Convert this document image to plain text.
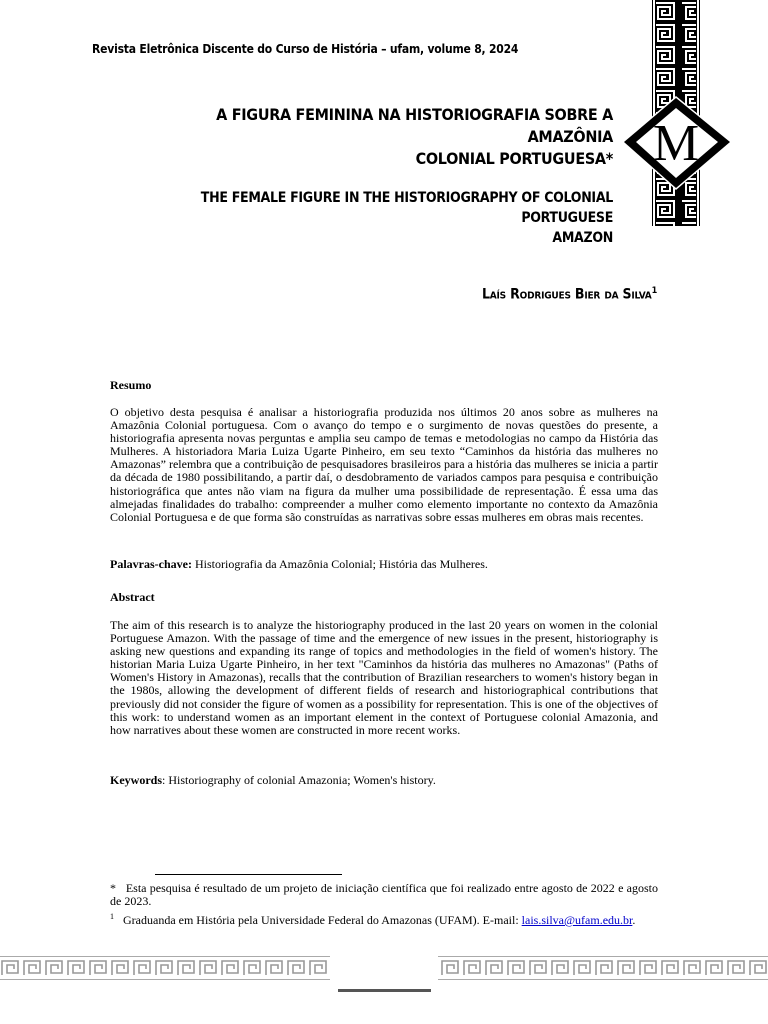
Revista Eletrônica Discente do Curso de História – ufam, volume 8, 2024
M
A FIGURA FEMININA NA HISTORIOGRAFIA SOBRE A AMAZÔNIA
COLONIAL PORTUGUESA*
THE FEMALE FIGURE IN THE HISTORIOGRAPHY OF COLONIAL PORTUGUESE
AMAZON
Laís Rodrigues Bier da Silva$^1$
Resumo
O objetivo desta pesquisa é analisar a historiografia produzida nos últimos 20 anos sobre as mulheres na Amazônia Colonial portuguesa. Com o avanço do tempo e o surgimento de novas questões do presente, a historiografia apresenta novas perguntas e amplia seu campo de temas e metodologias no campo da História das Mulheres. A historiadora Maria Luiza Ugarte Pinheiro, em seu texto “Caminhos da história das mulheres no Amazonas” relembra que a contribuição de pesquisadores brasileiros para a história das mulheres se inicia a partir da década de 1980 possibilitando, a partir daí, o desdobramento de variados campos para pesquisa e contribuição historiográfica que antes não viam na figura da mulher uma possibilidade de representação. É essa uma das almejadas finalidades do trabalho: compreender a mulher como elemento importante no contexto da Amazônia Colonial Portuguesa e de que forma são construídas as narrativas sobre essas mulheres em obras mais recentes.
Palavras-chave: Historiografia da Amazônia Colonial; História das Mulheres.
Abstract
The aim of this research is to analyze the historiography produced in the last 20 years on women in the colonial Portuguese Amazon. With the passage of time and the emergence of new issues in the present, historiography is asking new questions and expanding its range of topics and methodologies in the field of women's history. The historian Maria Luiza Ugarte Pinheiro, in her text "Caminhos da história das mulheres no Amazonas" (Paths of Women's History in Amazonas), recalls that the contribution of Brazilian researchers to women's history began in the 1980s, allowing the development of different fields of research and historiographical contributions that previously did not consider the figure of women as a possibility for representation. This is one of the objectives of this work: to understand women as an important element in the context of Portuguese colonial Amazonia, and how narratives about these women are constructed in more recent works.
Keywords: Historiography of colonial Amazonia; Women's history.
* Esta pesquisa é resultado de um projeto de iniciação científica que foi realizado entre agosto de 2022 e agosto de 2023.
$^1$ Graduanda em História pela Universidade Federal do Amazonas (UFAM). E-mail: lais.silva@ufam.edu.br.
